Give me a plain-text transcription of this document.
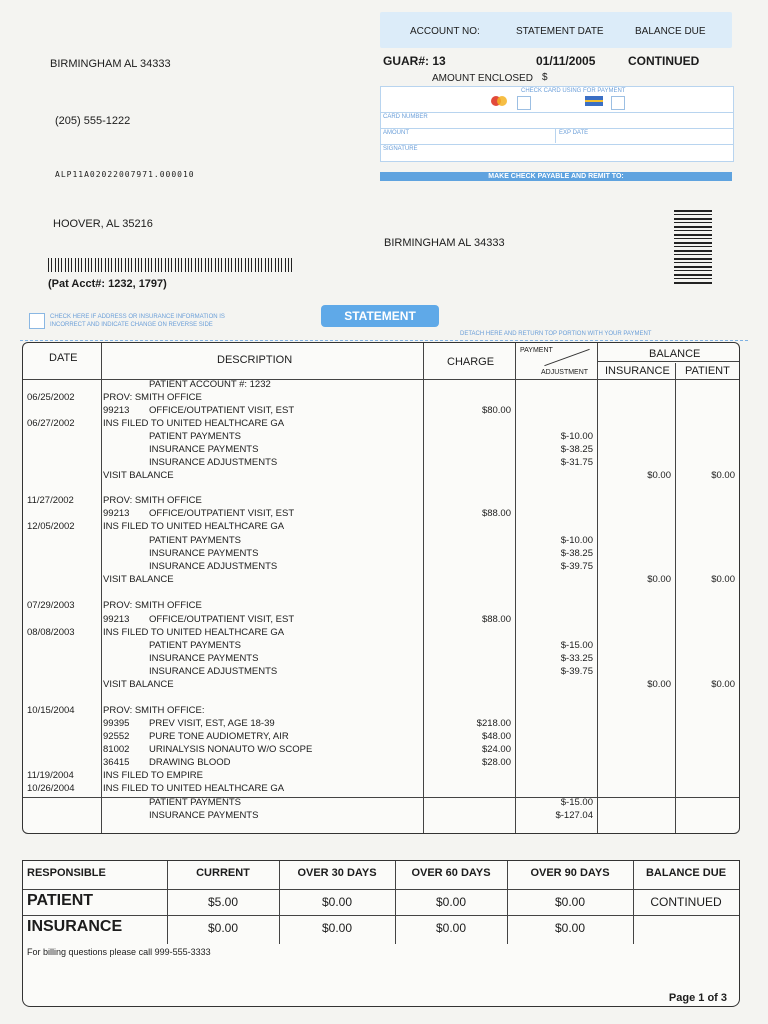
BIRMINGHAM AL 34333
(205) 555-1222
ALP11A02022007971.000010
ACCOUNT NO:	STATEMENT DATE	BALANCE DUE
GUAR#: 13	01/11/2005	CONTINUED
AMOUNT ENCLOSED $
CHECK CARD USING FOR PAYMENT
CARD NUMBER
AMOUNT	EXP DATE
SIGNATURE
MAKE CHECK PAYABLE AND REMIT TO:
HOOVER, AL 35216
(Pat Acct#: 1232, 1797)
BIRMINGHAM AL 34333
CHECK HERE IF ADDRESS OR INSURANCE INFORMATION IS
INCORRECT AND INDICATE CHANGE ON REVERSE SIDE
STATEMENT
DETACH HERE AND RETURN TOP PORTION WITH YOUR PAYMENT
DATE	DESCRIPTION	CHARGE
PAYMENT
ADJUSTMENT
BALANCE
INSURANCE PATIENT
PATIENT ACCOUNT #: 1232
06/25/2002	PROV: SMITH OFFICE
99213 OFFICE/OUTPATIENT VISIT, EST	$80.00
06/27/2002	INS FILED TO UNITED HEALTHCARE GA
PATIENT PAYMENTS	$-10.00
INSURANCE PAYMENTS	$-38.25
INSURANCE ADJUSTMENTS	$-31.75
VISIT BALANCE	$0.00	$0.00
11/27/2002	PROV: SMITH OFFICE
99213 OFFICE/OUTPATIENT VISIT, EST	$88.00
12/05/2002	INS FILED TO UNITED HEALTHCARE GA
PATIENT PAYMENTS	$-10.00
INSURANCE PAYMENTS	$-38.25
INSURANCE ADJUSTMENTS	$-39.75
VISIT BALANCE	$0.00	$0.00
07/29/2003	PROV: SMITH OFFICE
99213 OFFICE/OUTPATIENT VISIT, EST	$88.00
08/08/2003	INS FILED TO UNITED HEALTHCARE GA
PATIENT PAYMENTS	$-15.00
INSURANCE PAYMENTS	$-33.25
INSURANCE ADJUSTMENTS	$-39.75
VISIT BALANCE	$0.00	$0.00
10/15/2004	PROV: SMITH OFFICE:
99395 PREV VISIT, EST, AGE 18-39	$218.00
92552 PURE TONE AUDIOMETRY, AIR	$48.00
81002 URINALYSIS NONAUTO W/O SCOPE	$24.00
36415 DRAWING BLOOD	$28.00
11/19/2004	INS FILED TO EMPIRE
10/26/2004	INS FILED TO UNITED HEALTHCARE GA
PATIENT PAYMENTS	$-15.00
INSURANCE PAYMENTS	$-127.04
RESPONSIBLE	CURRENT	OVER 30 DAYS	OVER 60 DAYS	OVER 90 DAYS	BALANCE DUE
PATIENT	$5.00	$0.00	$0.00	$0.00	CONTINUED
INSURANCE	$0.00	$0.00	$0.00	$0.00
For billing questions please call 999-555-3333
Page 1 of 3
